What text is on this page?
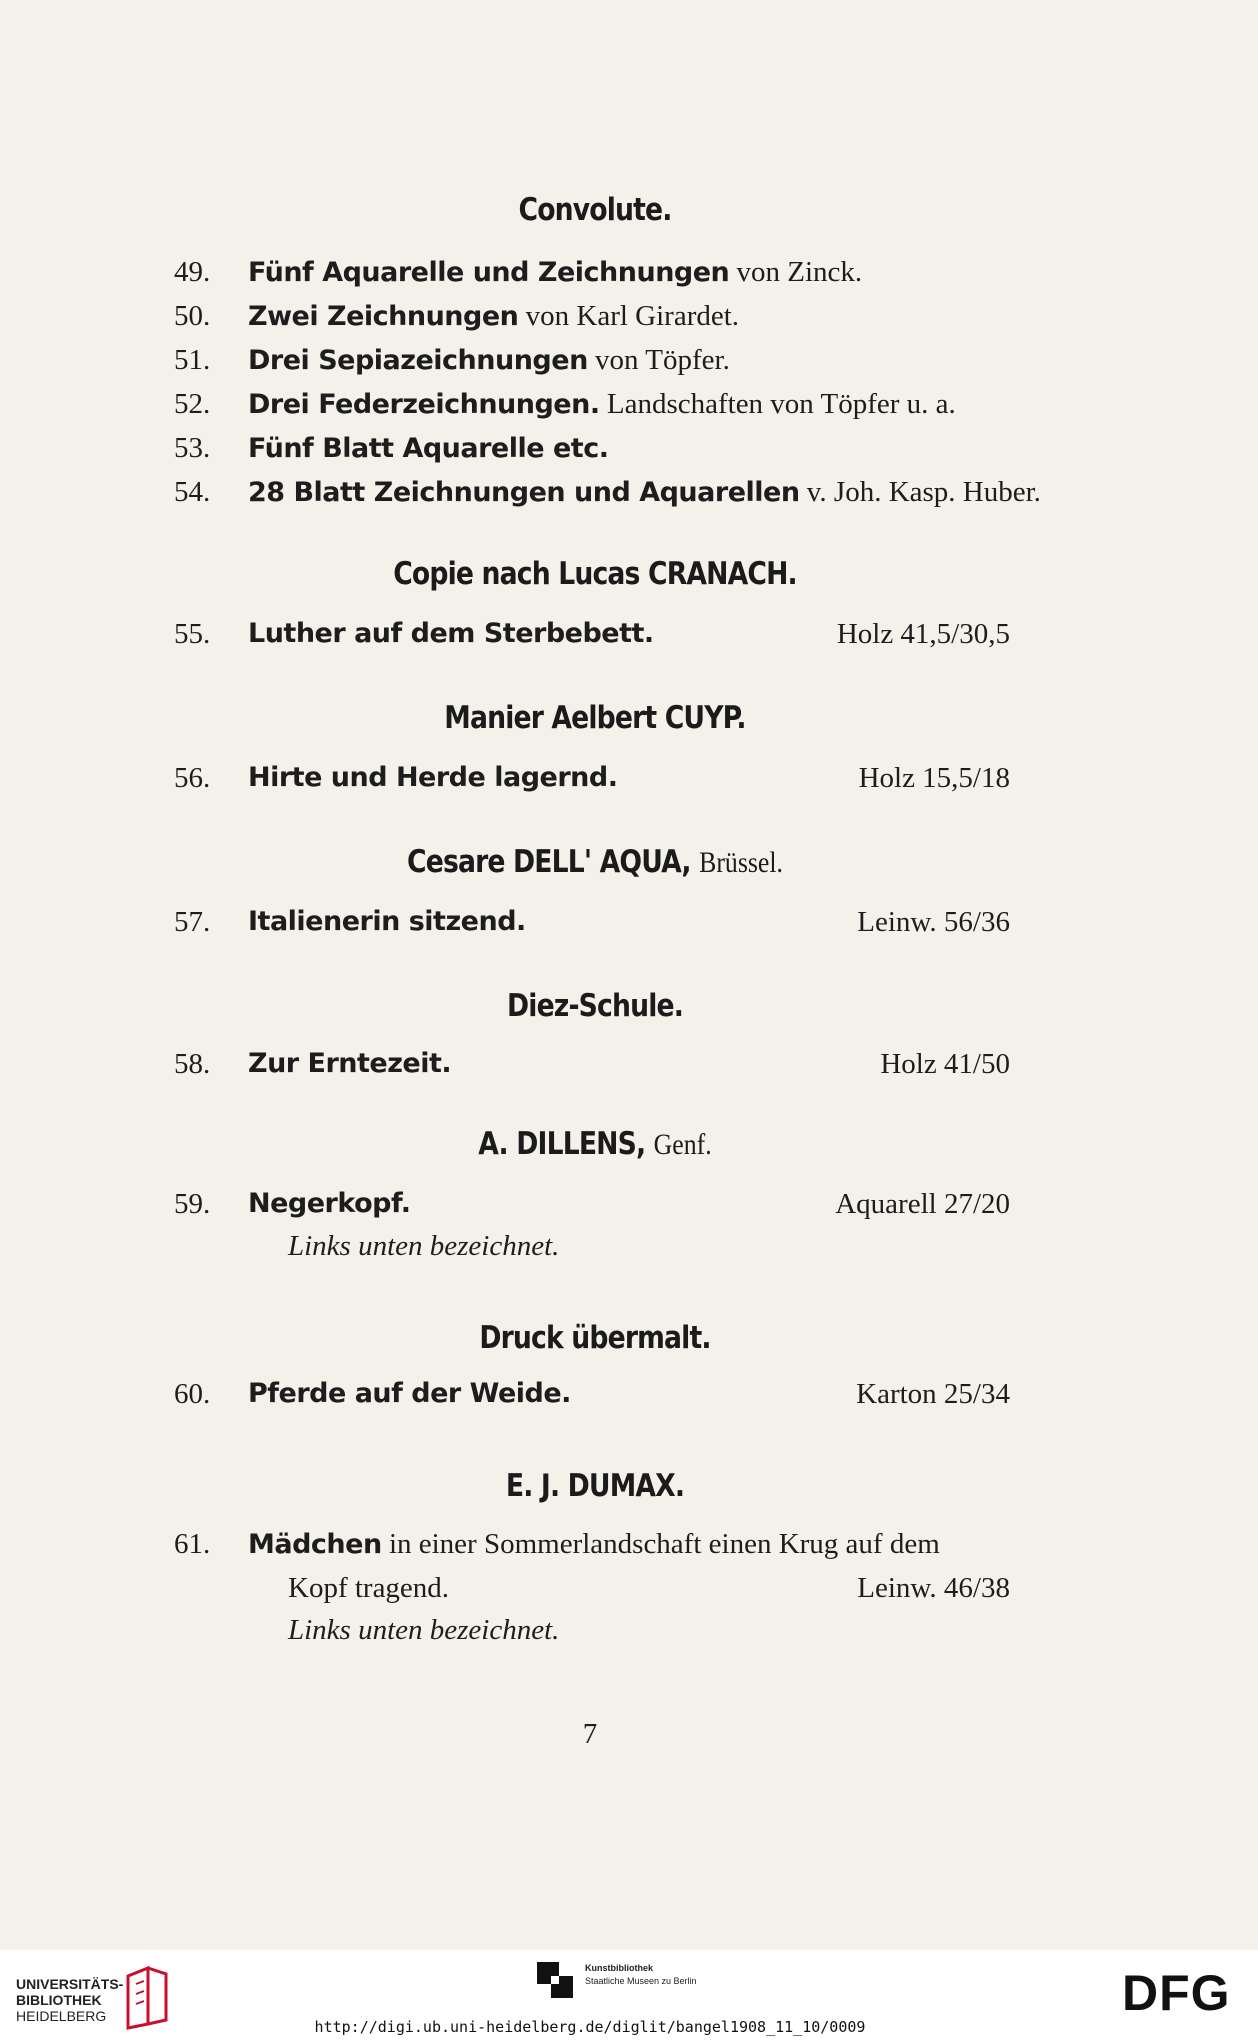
Convolute.
49. Fünf Aquarelle und Zeichnungen von Zinck.
50. Zwei Zeichnungen von Karl Girardet.
51. Drei Sepiazeichnungen von Töpfer.
52. Drei Federzeichnungen. Landschaften von Töpfer u. a.
53. Fünf Blatt Aquarelle etc.
54. 28 Blatt Zeichnungen und Aquarellen v. Joh. Kasp. Huber.
Copie nach Lucas CRANACH.
55. Luther auf dem Sterbebett.	Holz 41,5/30,5
Manier Aelbert CUYP.
56. Hirte und Herde lagernd.	Holz 15,5/18
Cesare DELL' AQUA, Brüssel.
57. Italienerin sitzend.	Leinw. 56/36
Diez-Schule.
58. Zur Erntezeit.	Holz 41/50
A. DILLENS, Genf.
59. Negerkopf.	Aquarell 27/20
Links unten bezeichnet.
Druck übermalt.
60. Pferde auf der Weide.	Karton 25/34
E. J. DUMAX.
61. Mädchen in einer Sommerlandschaft einen Krug auf dem
Kopf tragend.	Leinw. 46/38
Links unten bezeichnet.
7
UNIVERSITÄTS-
BIBLIOTHEK
HEIDELBERG
Kunstbibliothek
Staatliche Museen zu Berlin	DFG
http://digi.ub.uni-heidelberg.de/diglit/bangel1908_11_10/0009
